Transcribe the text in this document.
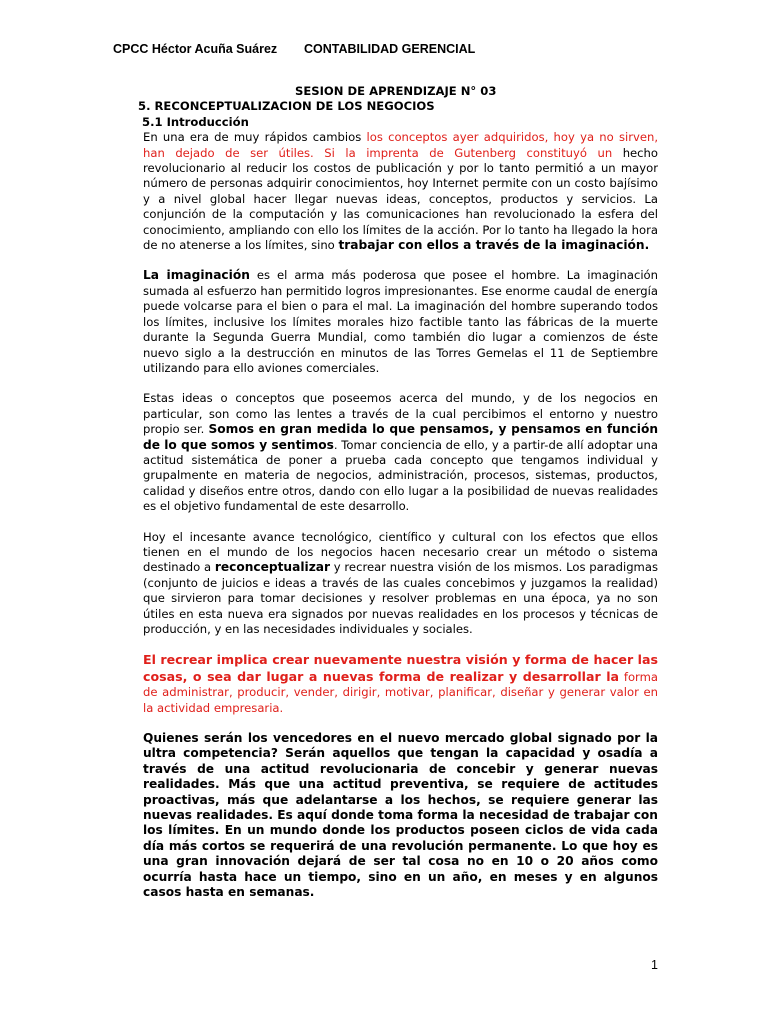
CPCC Héctor Acuña Suárez CONTABILIDAD GERENCIAL
SESION DE APRENDIZAJE N° 03
5. RECONCEPTUALIZACION DE LOS NEGOCIOS
5.1 Introducción

En una era de muy rápidos cambios los conceptos ayer adquiridos, hoy ya no sirven, han dejado de ser útiles. Si la imprenta de Gutenberg constituyó un hecho revolucionario al reducir los costos de publicación y por lo tanto permitió a un mayor número de personas adquirir conocimientos, hoy Internet permite con un costo bajísimo y a nivel global hacer llegar nuevas ideas, conceptos, productos y servicios. La conjunción de la computación y las comunicaciones han revolucionado la esfera del conocimiento, ampliando con ello los límites de la acción. Por lo tanto ha llegado la hora de no atenerse a los límites, sino trabajar con ellos a través de la imaginación.

La imaginación es el arma más poderosa que posee el hombre. La imaginación sumada al esfuerzo han permitido logros impresionantes. Ese enorme caudal de energía puede volcarse para el bien o para el mal. La imaginación del hombre superando todos los límites, inclusive los límites morales hizo factible tanto las fábricas de la muerte durante la Segunda Guerra Mundial, como también dio lugar a comienzos de éste nuevo siglo a la destrucción en minutos de las Torres Gemelas el 11 de Septiembre utilizando para ello aviones comerciales.

Estas ideas o conceptos que poseemos acerca del mundo, y de los negocios en particular, son como las lentes a través de la cual percibimos el entorno y nuestro propio ser. Somos en gran medida lo que pensamos, y pensamos en función de lo que somos y sentimos. Tomar conciencia de ello, y a partir-de allí adoptar una actitud sistemática de poner a prueba cada concepto que tengamos individual y grupalmente en materia de negocios, administración, procesos, sistemas, productos, calidad y diseños entre otros, dando con ello lugar a la posibilidad de nuevas realidades es el objetivo fundamental de este desarrollo.

Hoy el incesante avance tecnológico, científico y cultural con los efectos que ellos tienen en el mundo de los negocios hacen necesario crear un método o sistema destinado a reconceptualizar y recrear nuestra visión de los mismos. Los paradigmas (conjunto de juicios e ideas a través de las cuales concebimos y juzgamos la realidad) que sirvieron para tomar decisiones y resolver problemas en una época, ya no son útiles en esta nueva era signados por nuevas realidades en los procesos y técnicas de producción, y en las necesidades individuales y sociales.

El recrear implica crear nuevamente nuestra visión y forma de hacer las cosas, o sea dar lugar a nuevas forma de realizar y desarrollar la forma de administrar, producir, vender, dirigir, motivar, planificar, diseñar y generar valor en la actividad empresaria.

Quienes serán los vencedores en el nuevo mercado global signado por la ultra competencia? Serán aquellos que tengan la capacidad y osadía a través de una actitud revolucionaria de concebir y generar nuevas realidades. Más que una actitud preventiva, se requiere de actitudes proactivas, más que adelantarse a los hechos, se requiere generar las nuevas realidades. Es aquí donde toma forma la necesidad de trabajar con los límites. En un mundo donde los productos poseen ciclos de vida cada día más cortos se requerirá de una revolución permanente. Lo que hoy es una gran innovación dejará de ser tal cosa no en 10 o 20 años como ocurría hasta hace un tiempo, sino en un año, en meses y en algunos casos hasta en semanas.

1
